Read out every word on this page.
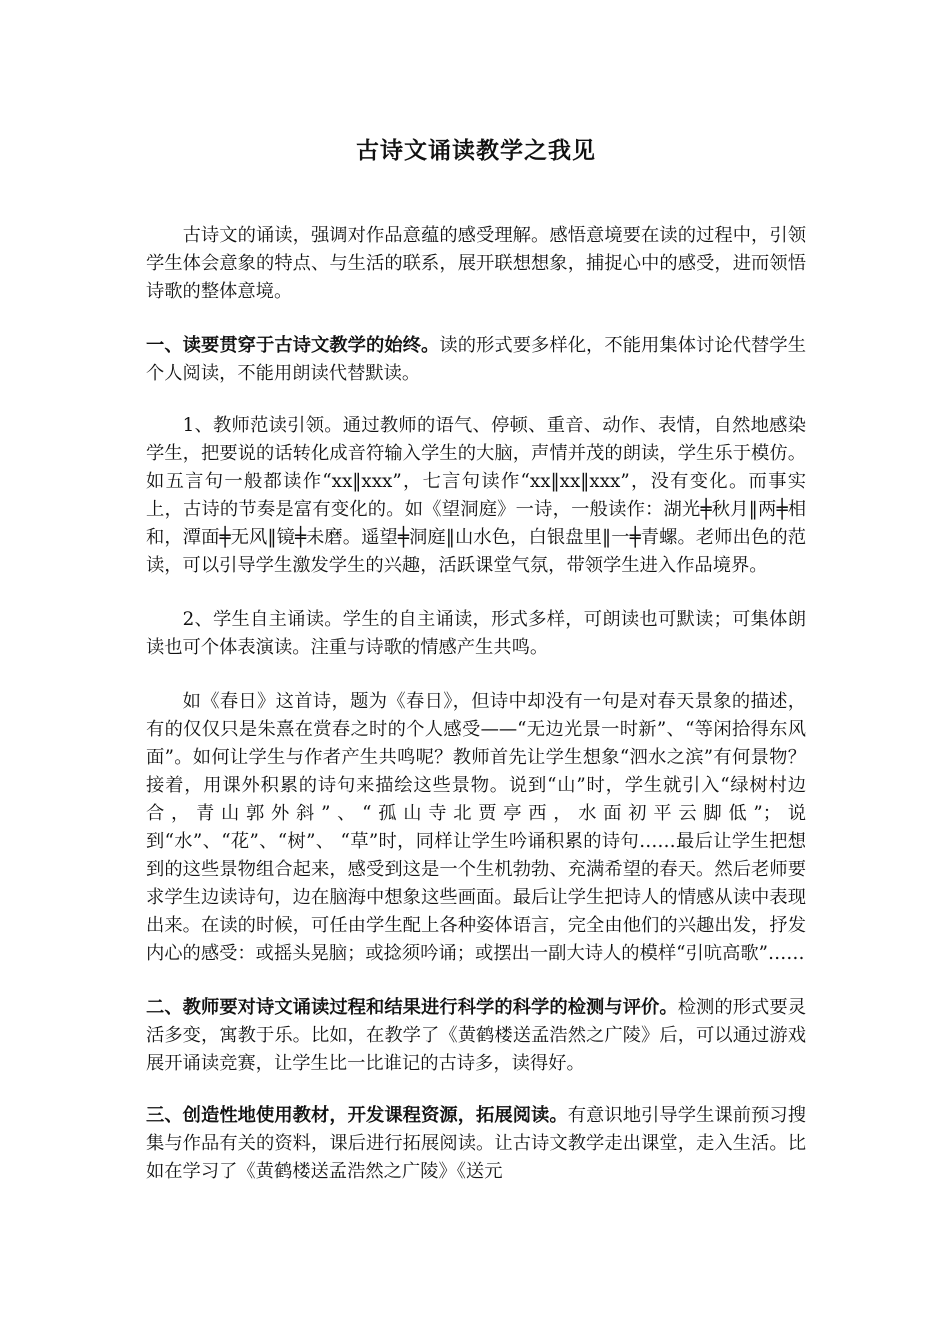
古诗文诵读教学之我见

古诗文的诵读，强调对作品意蕴的感受理解。感悟意境要在读的过程中，引领学生体会意象的特点、与生活的联系，展开联想想象，捕捉心中的感受，进而领悟诗歌的整体意境。

一、读要贯穿于古诗文教学的始终。读的形式要多样化，不能用集体讨论代替学生个人阅读，不能用朗读代替默读。

1、教师范读引领。通过教师的语气、停顿、重音、动作、表情，自然地感染学生，把要说的话转化成音符输入学生的大脑，声情并茂的朗读，学生乐于模仿。如五言句一般都读作“xx‖xxx”，七言句读作“xx‖xx‖xxx”，没有变化。而事实上，古诗的节奏是富有变化的。如《望洞庭》一诗，一般读作：湖光╪秋月‖两╪相和，潭面╪无风‖镜╪未磨。遥望╪洞庭‖山水色，白银盘里‖一╪青螺。老师出色的范读，可以引导学生激发学生的兴趣，活跃课堂气氛，带领学生进入作品境界。

2、学生自主诵读。学生的自主诵读，形式多样，可朗读也可默读；可集体朗读也可个体表演读。注重与诗歌的情感产生共鸣。

如《春日》这首诗，题为《春日》，但诗中却没有一句是对春天景象的描述，有的仅仅只是朱熹在赏春之时的个人感受——“无边光景一时新”、“等闲拾得东风面”。如何让学生与作者产生共鸣呢？教师首先让学生想象“泗水之滨”有何景物？接着，用课外积累的诗句来描绘这些景物。说到“山”时，学生就引入“绿树村边合，青山郭外斜”、“孤山寺北贾亭西，水面初平云脚低”；说到“水”、“花”、“树”、 “草”时，同样让学生吟诵积累的诗句……最后让学生把想到的这些景物组合起来，感受到这是一个生机勃勃、充满希望的春天。然后老师要求学生边读诗句，边在脑海中想象这些画面。最后让学生把诗人的情感从读中表现出来。在读的时候，可任由学生配上各种姿体语言，完全由他们的兴趣出发，抒发内心的感受：或摇头晃脑；或捻须吟诵；或摆出一副大诗人的模样“引吭高歌”……

二、教师要对诗文诵读过程和结果进行科学的科学的检测与评价。检测的形式要灵活多变，寓教于乐。比如，在教学了《黄鹤楼送孟浩然之广陵》后，可以通过游戏展开诵读竞赛，让学生比一比谁记的古诗多，读得好。

三、创造性地使用教材，开发课程资源，拓展阅读。有意识地引导学生课前预习搜集与作品有关的资料，课后进行拓展阅读。让古诗文教学走出课堂，走入生活。比如在学习了《黄鹤楼送孟浩然之广陵》《送元
